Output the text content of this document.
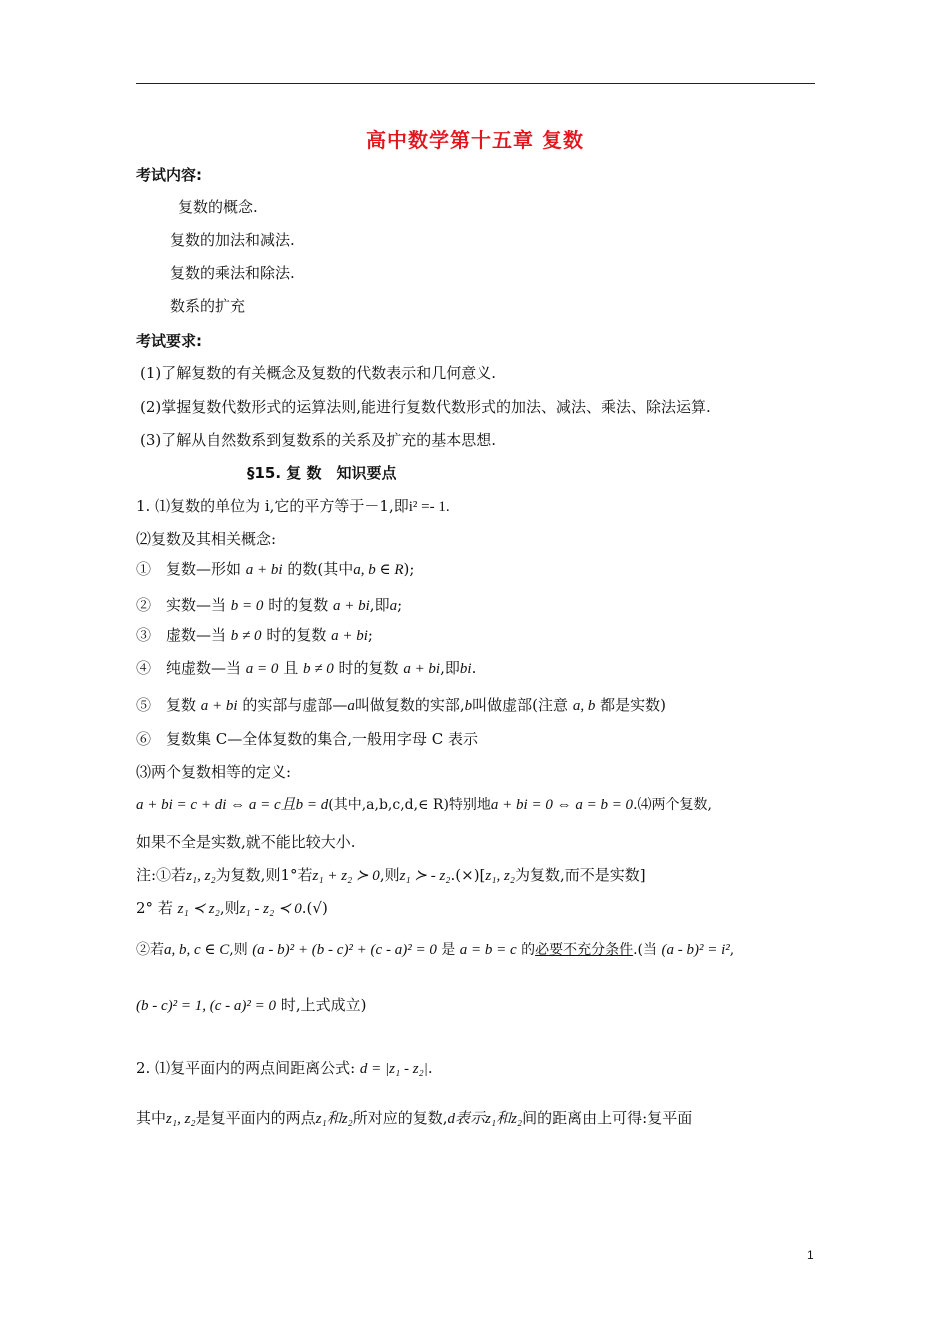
高中数学第十五章 复数
考试内容:
复数的概念.
复数的加法和减法.
复数的乘法和除法.
数系的扩充
考试要求:
(1)了解复数的有关概念及复数的代数表示和几何意义.
(2)掌握复数代数形式的运算法则,能进行复数代数形式的加法、减法、乘法、除法运算.
(3)了解从自然数系到复数系的关系及扩充的基本思想.
§15. 复 数　知识要点
1. ⑴复数的单位为 i,它的平方等于－1,即i² =- 1.
⑵复数及其相关概念:
①　复数—形如 a + bi 的数(其中a, b ∈ R);
②　实数—当 b = 0 时的复数 a + bi,即a;
③　虚数—当 b ≠ 0 时的复数 a + bi;
④　纯虚数—当 a = 0 且 b ≠ 0 时的复数 a + bi,即bi.
⑤　复数 a + bi 的实部与虚部—a叫做复数的实部,b叫做虚部(注意 a, b 都是实数)
⑥　复数集 C—全体复数的集合,一般用字母 C 表示
⑶两个复数相等的定义:
a + bi = c + di ⇔ a = c且b = d(其中,a,b,c,d,∈ R)特别地a + bi = 0 ⇔ a = b = 0.⑷两个复数,
如果不全是实数,就不能比较大小.
注:①若z₁, z₂为复数,则1°若z₁ + z₂ ≻ 0,则z₁ ≻ - z₂.(×)[z₁, z₂为复数,而不是实数]
2° 若 z₁ ≺ z₂,则z₁ - z₂ ≺ 0.(√)
②若a, b, c ∈ C,则 (a - b)² + (b - c)² + (c - a)² = 0 是 a = b = c 的必要不充分条件.(当 (a - b)² = i²,
(b - c)² = 1, (c - a)² = 0 时,上式成立)
2. ⑴复平面内的两点间距离公式: d = |z₁ - z₂|.
其中z₁, z₂是复平面内的两点z₁和z₂所对应的复数,d表示z₁和z₂间的距离由上可得:复平面
1
